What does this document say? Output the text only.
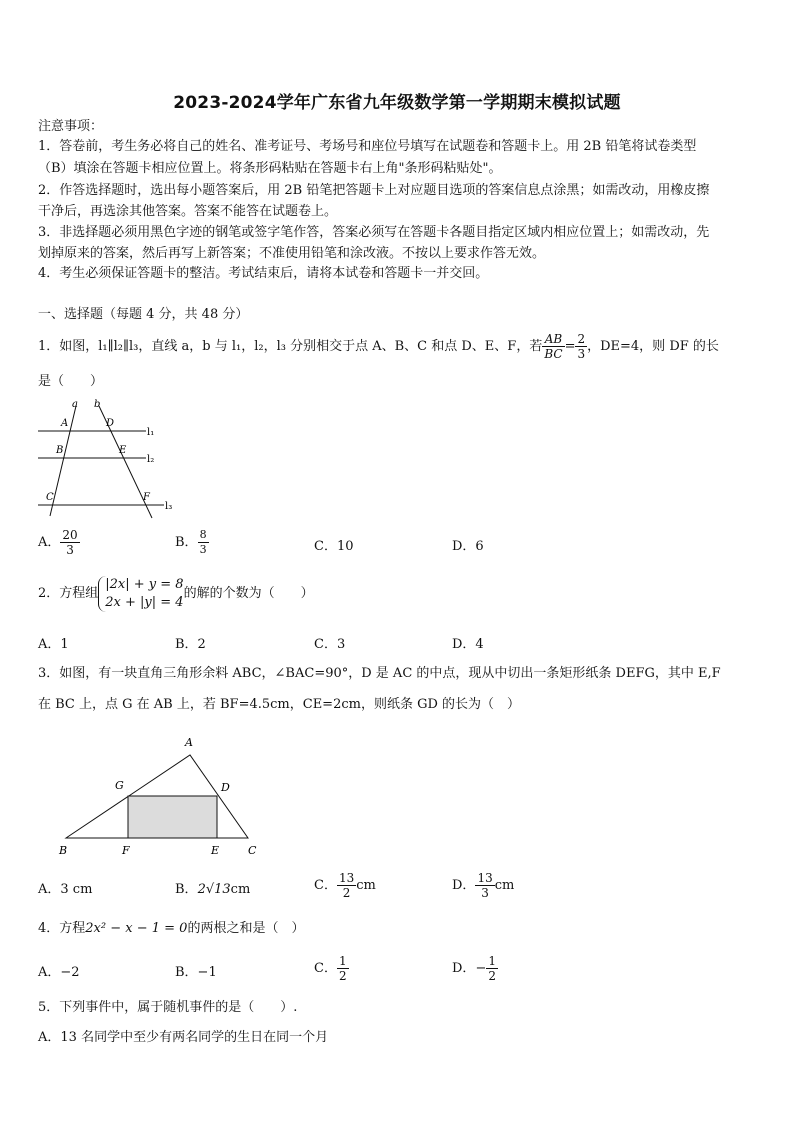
2023-2024学年广东省九年级数学第一学期期末模拟试题
注意事项：
1．答卷前，考生务必将自己的姓名、准考证号、考场号和座位号填写在试题卷和答题卡上。用 2B 铅笔将试卷类型
（B）填涂在答题卡相应位置上。将条形码粘贴在答题卡右上角"条形码粘贴处"。
2．作答选择题时，选出每小题答案后，用 2B 铅笔把答题卡上对应题目选项的答案信息点涂黑；如需改动，用橡皮擦
干净后，再选涂其他答案。答案不能答在试题卷上。
3．非选择题必须用黑色字迹的钢笔或签字笔作答，答案必须写在答题卡各题目指定区域内相应位置上；如需改动，先
划掉原来的答案，然后再写上新答案；不准使用铅笔和涂改液。不按以上要求作答无效。
4．考生必须保证答题卡的整洁。考试结束后，请将本试卷和答题卡一并交回。
一、选择题（每题 4 分，共 48 分）
1．如图，l₁∥l₂∥l₃，直线 a，b 与 l₁，l₂，l₃ 分别相交于点 A、B、C 和点 D、E、F，若 $\frac{AB}{BC} = \frac{2}{3}$ ，DE=4，则 DF 的长
是（　　）
a b
A
B
C
D
E
F
l₁
l₂
l₃
A． $\frac{20}{3}$	B． $\frac{8}{3}$	C．10	D．6
2．方程组
|2x| + y = 8
2x + |y| = 4
的解的个数为（　　）
A．1	B．2	C．3	D．4
3．如图，有一块直角三角形余料 ABC，∠BAC=90°，D 是 AC 的中点，现从中切出一条矩形纸条 DEFG，其中 E,F
在 BC 上，点 G 在 AB 上，若 BF=4.5cm，CE=2cm，则纸条 GD 的长为（　）
A
B	C
D
E
F
G
A．3 cm	B．2√13cm	C． $\frac{13}{2}$ cm	D． $\frac{13}{3}$ cm
4．方程2x² − x − 1 = 0的两根之和是（　）
A．−2	B．−1	C． $\frac{1}{2}$	D．− $\frac{1}{2}$
5．下列事件中，属于随机事件的是（　　）.
A．13 名同学中至少有两名同学的生日在同一个月
